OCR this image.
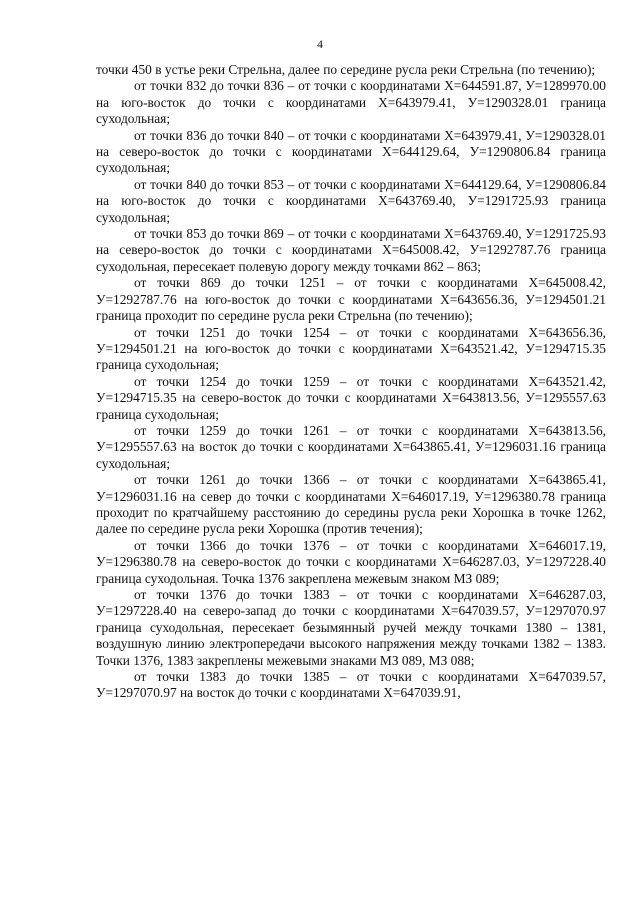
4

точки 450 в устье реки Стрельна, далее по середине русла реки Стрельна (по течению);

от точки 832 до точки 836 – от точки с координатами Х=644591.87, У=1289970.00 на юго-восток до точки с координатами Х=643979.41, У=1290328.01 граница суходольная;

от точки 836 до точки 840 – от точки с координатами Х=643979.41, У=1290328.01 на северо-восток до точки с координатами Х=644129.64, У=1290806.84 граница суходольная;

от точки 840 до точки 853 – от точки с координатами Х=644129.64, У=1290806.84 на юго-восток до точки с координатами Х=643769.40, У=1291725.93 граница суходольная;

от точки 853 до точки 869 – от точки с координатами Х=643769.40, У=1291725.93 на северо-восток до точки с координатами Х=645008.42, У=1292787.76 граница суходольная, пересекает полевую дорогу между точками 862 – 863;

от точки 869 до точки 1251 – от точки с координатами Х=645008.42, У=1292787.76 на юго-восток до точки с координатами Х=643656.36, У=1294501.21 граница проходит по середине русла реки Стрельна (по течению);

от точки 1251 до точки 1254 – от точки с координатами Х=643656.36, У=1294501.21 на юго-восток до точки с координатами Х=643521.42, У=1294715.35 граница суходольная;

от точки 1254 до точки 1259 – от точки с координатами Х=643521.42, У=1294715.35 на северо-восток до точки с координатами Х=643813.56, У=1295557.63 граница суходольная;

от точки 1259 до точки 1261 – от точки с координатами Х=643813.56, У=1295557.63 на восток до точки с координатами Х=643865.41, У=1296031.16 граница суходольная;

от точки 1261 до точки 1366 – от точки с координатами Х=643865.41, У=1296031.16 на север до точки с координатами Х=646017.19, У=1296380.78 граница проходит по кратчайшему расстоянию до середины русла реки Хорошка в точке 1262, далее по середине русла реки Хорошка (против течения);

от точки 1366 до точки 1376 – от точки с координатами Х=646017.19, У=1296380.78 на северо-восток до точки с координатами Х=646287.03, У=1297228.40 граница суходольная. Точка 1376 закреплена межевым знаком МЗ 089;

от точки 1376 до точки 1383 – от точки с координатами Х=646287.03, У=1297228.40 на северо-запад до точки с координатами Х=647039.57, У=1297070.97 граница суходольная, пересекает безымянный ручей между точками 1380 – 1381, воздушную линию электропередачи высокого напряжения между точками 1382 – 1383. Точки 1376, 1383 закреплены межевыми знаками МЗ 089, МЗ 088;

от точки 1383 до точки 1385 – от точки с координатами Х=647039.57, У=1297070.97 на восток до точки с координатами Х=647039.91,
